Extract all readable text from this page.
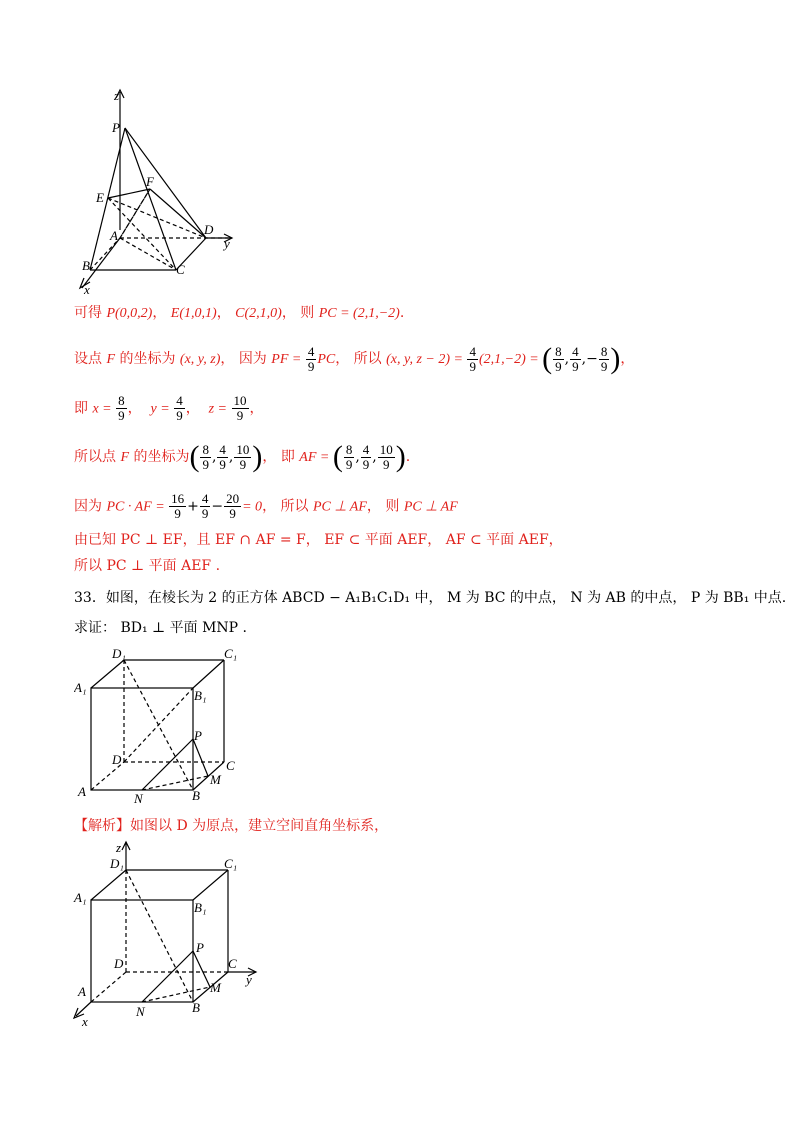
z
P
F
E
A	D
y
B	C
x
可得 P(0,0,2)， E(1,0,1)， C(2,1,0)， 则 PC = (2,1,−2).
设点 F 的坐标为 (x, y, z)， 因为 PF = $\frac{4}{9}$ PC， 所以 (x, y, $z - 2) = \frac{4}{9} (2,1,-2)$ = ( $\frac{8}{9}$ , $\frac{4}{9}$ ,− $\frac{8}{9}$ )，
即 $x = \frac{8}{9}$ ，  $y = \frac{4}{9}$ ，  $z = \frac{10}{9}$ ，
所以点 F 的坐标为( $\frac{8}{9}$ , $\frac{4}{9}$ , $\frac{10}{9}$ )， 即 AF = ( $\frac{8}{9}$ , $\frac{4}{9}$ , $\frac{10}{9}$ ).
因为 PC · AF = $\frac{16}{9} + \frac{4}{9} - \frac{20}{9} = 0$， 所以 PC ⊥ AF， 则 PC ⊥ AF
由已知 PC ⊥ EF，且 EF ∩ AF = F， EF ⊂ 平面 AEF， AF ⊂ 平面 AEF，
所以 PC ⊥ 平面 AEF .
33．如图，在棱长为 2 的正方体 ABCD − A₁B₁C₁D₁ 中， M 为 BC 的中点， N 为 AB 的中点， P 为 BB₁ 中点.
求证： BD₁ ⊥ 平面 MNP .
D₁	C₁
A₁
B₁
P
D	C
M
A	N	B
【解析】如图以 D 为原点，建立空间直角坐标系，
z
D₁	C₁
A₁
B₁
P
D	C
y
M
A
N	B
x
